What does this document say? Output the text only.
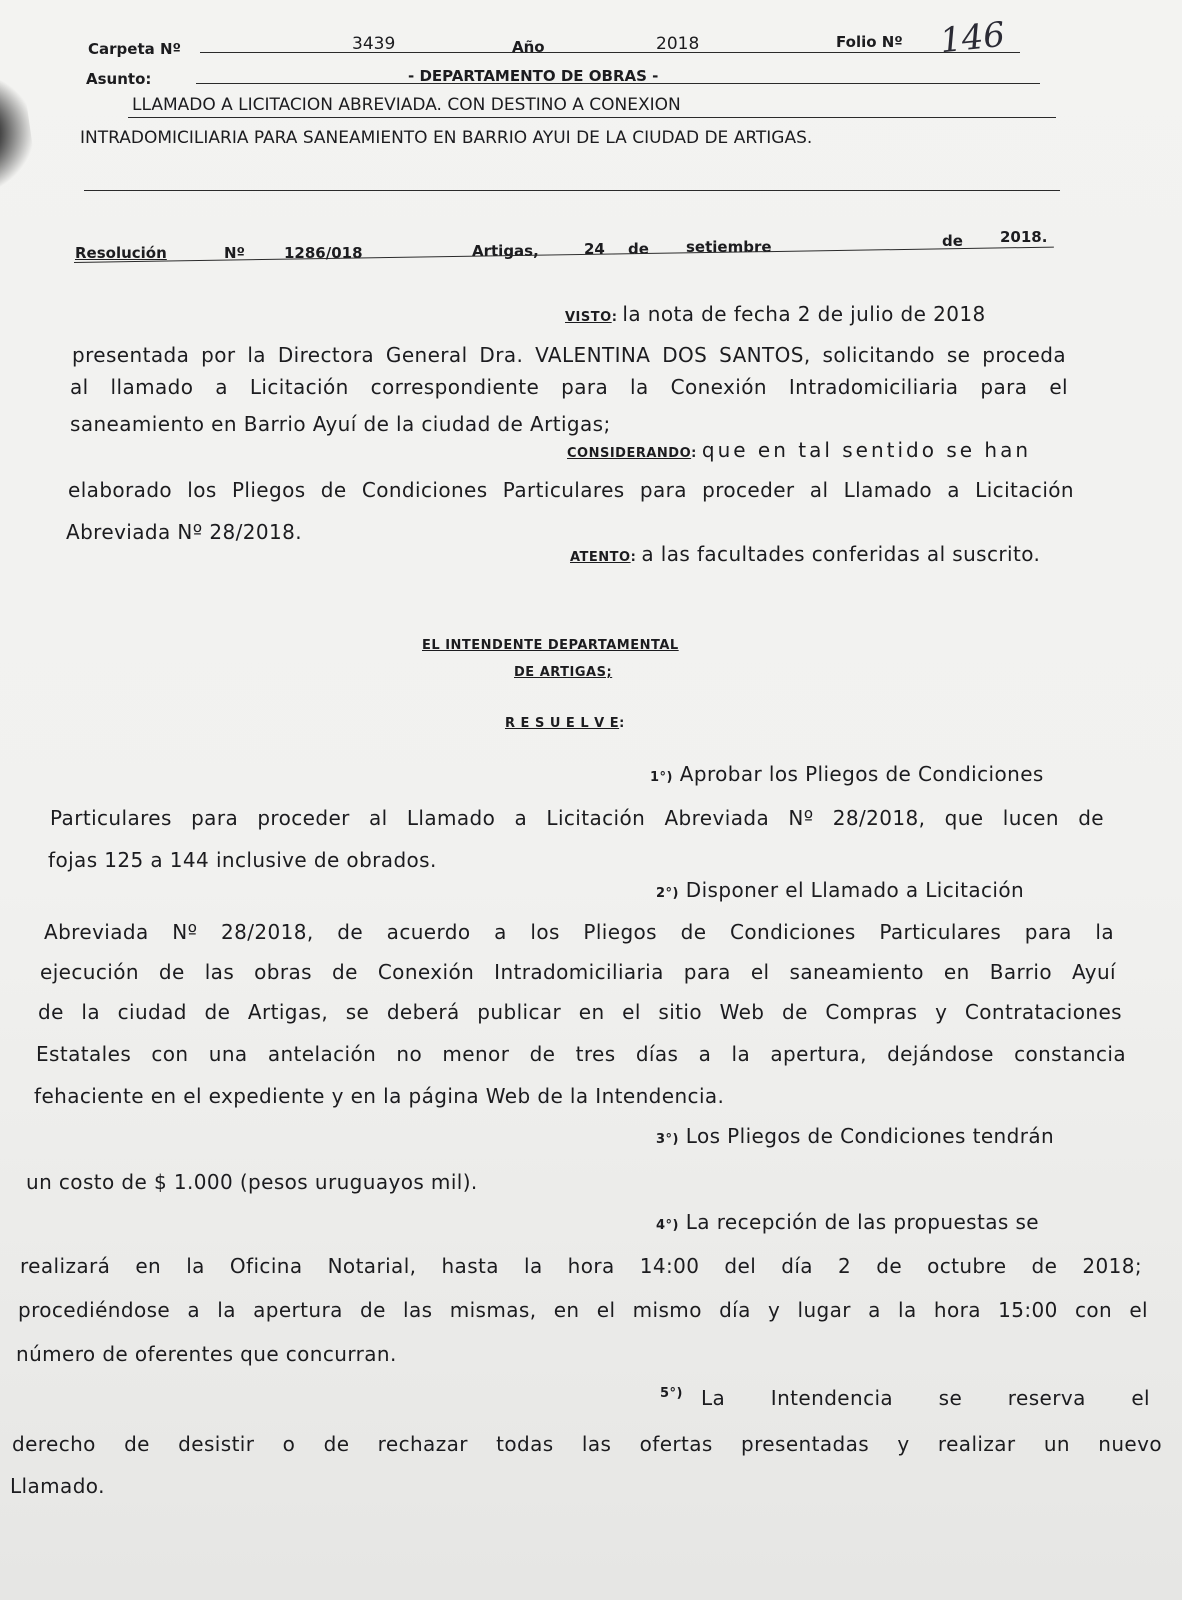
Carpeta Nº	3439	Año	2018	Folio Nº 146
Asunto:	- DEPARTAMENTO DE OBRAS -
LLAMADO A LICITACION ABREVIADA. CON DESTINO A CONEXION
INTRADOMICILIARIA PARA SANEAMIENTO EN BARRIO AYUI DE LA CIUDAD DE ARTIGAS.
Resolución	Nº	1286/018	Artigas,	24 de setiembre	de 2018.
VISTO: la nota de fecha 2 de julio de 2018
presentada por la Directora General Dra. VALENTINA DOS SANTOS, solicitando se proceda
al llamado a Licitación correspondiente para la Conexión Intradomiciliaria para el
saneamiento en Barrio Ayuí de la ciudad de Artigas;
CONSIDERANDO: que en tal sentido se han
elaborado los Pliegos de Condiciones Particulares para proceder al Llamado a Licitación
Abreviada Nº 28/2018.
ATENTO: a las facultades conferidas al suscrito.
EL INTENDENTE DEPARTAMENTAL
DE ARTIGAS;
R E S U E L V E:
1°) Aprobar los Pliegos de Condiciones
Particulares para proceder al Llamado a Licitación Abreviada Nº 28/2018, que lucen de
fojas 125 a 144 inclusive de obrados.
2°) Disponer el Llamado a Licitación
Abreviada Nº 28/2018, de acuerdo a los Pliegos de Condiciones Particulares para la
ejecución de las obras de Conexión Intradomiciliaria para el saneamiento en Barrio Ayuí
de la ciudad de Artigas, se deberá publicar en el sitio Web de Compras y Contrataciones
Estatales con una antelación no menor de tres días a la apertura, dejándose constancia
fehaciente en el expediente y en la página Web de la Intendencia.
3°) Los Pliegos de Condiciones tendrán
un costo de $ 1.000 (pesos uruguayos mil).
4°) La recepción de las propuestas se
realizará en la Oficina Notarial, hasta la hora 14:00 del día 2 de octubre de 2018;
procediéndose a la apertura de las mismas, en el mismo día y lugar a la hora 15:00 con el
número de oferentes que concurran.
5°) La Intendencia se reserva el
derecho de desistir o de rechazar todas las ofertas presentadas y realizar un nuevo
Llamado.
